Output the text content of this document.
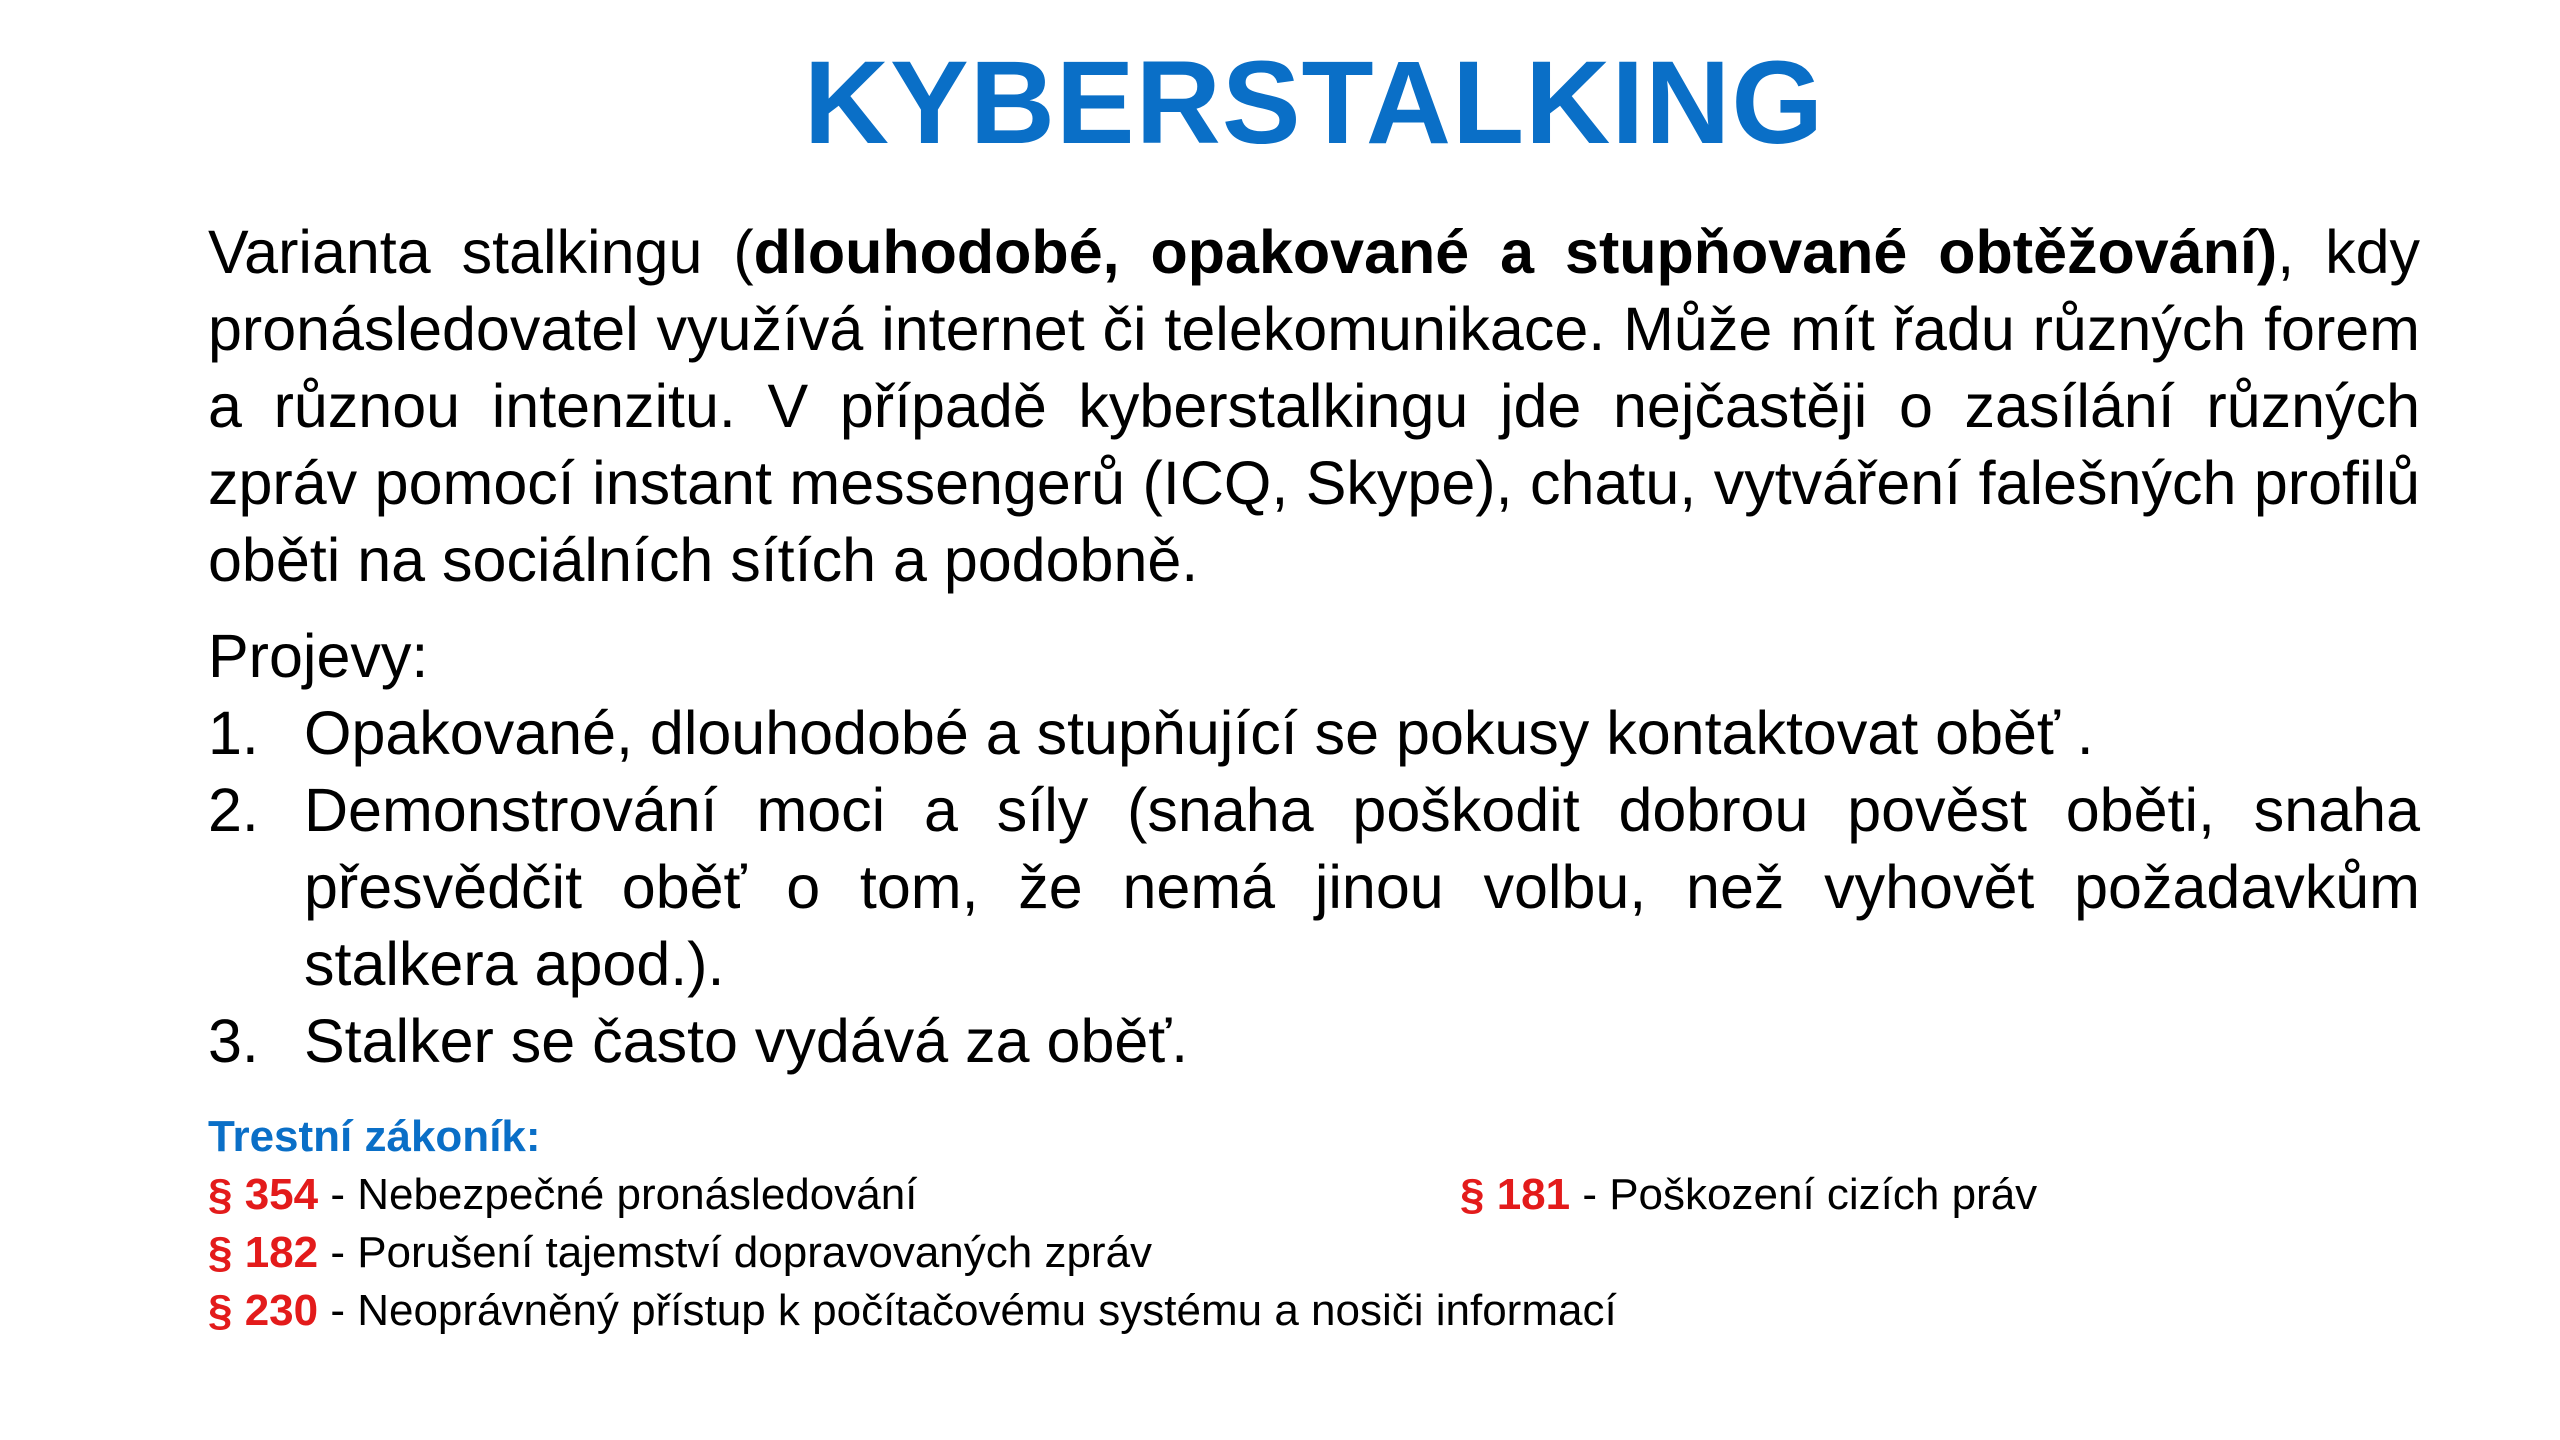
KYBERSTALKING

Varianta stalkingu (dlouhodobé, opakované a stupňované obtěžování), kdy pronásledovatel využívá internet či telekomunikace. Může mít řadu různých forem a různou intenzitu. V případě kyberstalkingu jde nejčastěji o zasílání různých zpráv pomocí instant messengerů (ICQ, Skype), chatu, vytváření falešných profilů oběti na sociálních sítích a podobně.

Projevy:

1. Opakované, dlouhodobé a stupňující se pokusy kontaktovat oběť .
2. Demonstrování moci a síly (snaha poškodit dobrou pověst oběti, snaha přesvědčit oběť o tom, že nemá jinou volbu, než vyhovět požadavkům stalkera apod.).
3. Stalker se často vydává za oběť.

Trestní zákoník:

§ 354 - Nebezpečné pronásledování	§ 181 - Poškození cizích práv

§ 182 - Porušení tajemství dopravovaných zpráv

§ 230 - Neoprávněný přístup k počítačovému systému a nosiči informací
